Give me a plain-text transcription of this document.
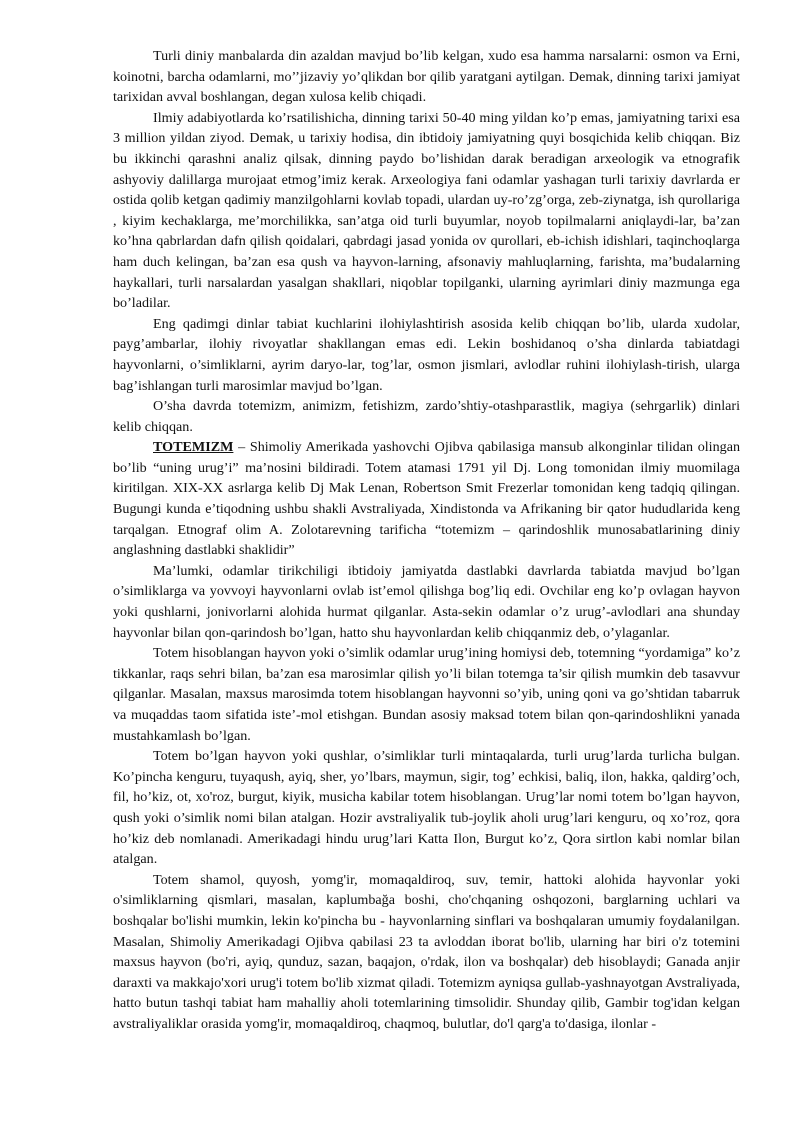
Turli diniy manbalarda din azaldan mavjud bo’lib kelgan, xudo esa hamma narsalarni: osmon va Erni, koinotni, barcha odamlarni, mo’’jizaviy yo’qlikdan bor qilib yaratgani aytilgan. Demak, dinning tarixi jamiyat tarixidan avval boshlangan, degan xulosa kelib chiqadi.

Ilmiy adabiyotlarda ko’rsatilishicha, dinning tarixi 50-40 ming yildan ko’p emas, jamiyatning tarixi esa 3 million yildan ziyod. Demak, u tarixiy hodisa, din ibtidoiy jamiyatning quyi bosqichida kelib chiqqan. Biz bu ikkinchi qarashni analiz qilsak, dinning paydo bo’lishidan darak beradigan arxeologik va etnografik ashyoviy dalillarga murojaat etmog’imiz kerak. Arxeologiya fani odamlar yashagan turli tarixiy davrlarda er ostida qolib ketgan qadimiy manzilgohlarni kovlab topadi, ulardan uy-ro’zg’orga, zeb-ziynatga, ish qurollariga , kiyim kechaklarga, me’morchilikka, san’atga oid turli buyumlar, noyob topilmalarni aniqlaydi-lar, ba’zan ko’hna qabrlardan dafn qilish qoidalari, qabrdagi jasad yonida ov qurollari, eb-ichish idishlari, taqinchoqlarga ham duch kelingan, ba’zan esa qush va hayvon-larning, afsonaviy mahluqlarning, farishta, ma’budalarning haykallari, turli narsalardan yasalgan shakllari, niqoblar topilganki, ularning ayrimlari diniy mazmunga ega bo’ladilar.

Eng qadimgi dinlar tabiat kuchlarini ilohiylashtirish asosida kelib chiqqan bo’lib, ularda xudolar, payg’ambarlar, ilohiy rivoyatlar shakllangan emas edi. Lekin boshidanoq o’sha dinlarda tabiatdagi hayvonlarni, o’simliklarni, ayrim daryo-lar, tog’lar, osmon jismlari, avlodlar ruhini ilohiylash-tirish, ularga bag’ishlangan turli marosimlar mavjud bo’lgan.

O’sha davrda totemizm, animizm, fetishizm, zardo’shtiy-otashparastlik, magiya (sehrgarlik) dinlari kelib chiqqan.

TOTEMIZM – Shimoliy Amerikada yashovchi Ojibva qabilasiga mansub alkonginlar tilidan olingan bo’lib “uning urug’i” ma’nosini bildiradi. Totem atamasi 1791 yil Dj. Long tomonidan ilmiy muomilaga kiritilgan. XIX-XX asrlarga kelib Dj Mak Lenan, Robertson Smit Frezerlar tomonidan keng tadqiq qilingan. Bugungi kunda e’tiqodning ushbu shakli Avstraliyada, Xindistonda va Afrikaning bir qator hududlarida keng tarqalgan. Etnograf olim A. Zolotarevning tarificha “totemizm – qarindoshlik munosabatlarining diniy anglashning dastlabki shaklidir”

Ma’lumki, odamlar tirikchiligi ibtidoiy jamiyatda dastlabki davrlarda tabiatda mavjud bo’lgan o’simliklarga va yovvoyi hayvonlarni ovlab ist’emol qilishga bog’liq edi. Ovchilar eng ko’p ovlagan hayvon yoki qushlarni, jonivorlarni alohida hurmat qilganlar. Asta-sekin odamlar o’z urug’-avlodlari ana shunday hayvonlar bilan qon-qarindosh bo’lgan, hatto shu hayvonlardan kelib chiqqanmiz deb, o’ylaganlar.

Totem hisoblangan hayvon yoki o’simlik odamlar urug’ining homiysi deb, totemning “yordamiga” ko’z tikkanlar, raqs sehri bilan, ba’zan esa marosimlar qilish yo’li bilan totemga ta’sir qilish mumkin deb tasavvur qilganlar. Masalan, maxsus marosimda totem hisoblangan hayvonni so’yib, uning qoni va go’shtidan tabarruk va muqaddas taom sifatida iste’-mol etishgan. Bundan asosiy maksad totem bilan qon-qarindoshlikni yanada mustahkamlash bo’lgan.

Totem bo’lgan hayvon yoki qushlar, o’simliklar turli mintaqalarda, turli urug’larda turlicha bulgan. Ko’pincha kenguru, tuyaqush, ayiq, sher, yo’lbars, maymun, sigir, tog’ echkisi, baliq, ilon, hakka, qaldirg’och, fil, ho’kiz, ot, xo'roz, burgut, kiyik, musicha kabilar totem hisoblangan. Urug’lar nomi totem bo’lgan hayvon, qush yoki o’simlik nomi bilan atalgan. Hozir avstraliyalik tub-joylik aholi urug’lari kenguru, oq xo’roz, qora ho’kiz deb nomlanadi. Amerikadagi hindu urug’lari Katta Ilon, Burgut ko’z, Qora sirtlon kabi nomlar bilan atalgan.

Totem shamol, quyosh, yomg'ir, momaqaldiroq, suv, temir, hattoki alohida hayvonlar yoki o'simliklarning qismlari, masalan, kaplumbağa boshi, cho'chqaning oshqozoni, barglarning uchlari va boshqalar bo'lishi mumkin, lekin ko'pincha bu - hayvonlarning sinflari va boshqalaran umumiy foydalanilgan. Masalan, Shimoliy Amerikadagi Ojibva qabilasi 23 ta avloddan iborat bo'lib, ularning har biri o'z totemini maxsus hayvon (bo'ri, ayiq, qunduz, sazan, baqajon, o'rdak, ilon va boshqalar) deb hisoblaydi; Ganada anjir daraxti va makkajo'xori urug'i totem bo'lib xizmat qiladi. Totemizm ayniqsa gullab-yashnayotgan Avstraliyada, hatto butun tashqi tabiat ham mahalliy aholi totemlarining timsolidir. Shunday qilib, Gambir tog'idan kelgan avstraliyaliklar orasida yomg'ir, momaqaldiroq, chaqmoq, bulutlar, do'l qarg'a to'dasiga, ilonlar -
